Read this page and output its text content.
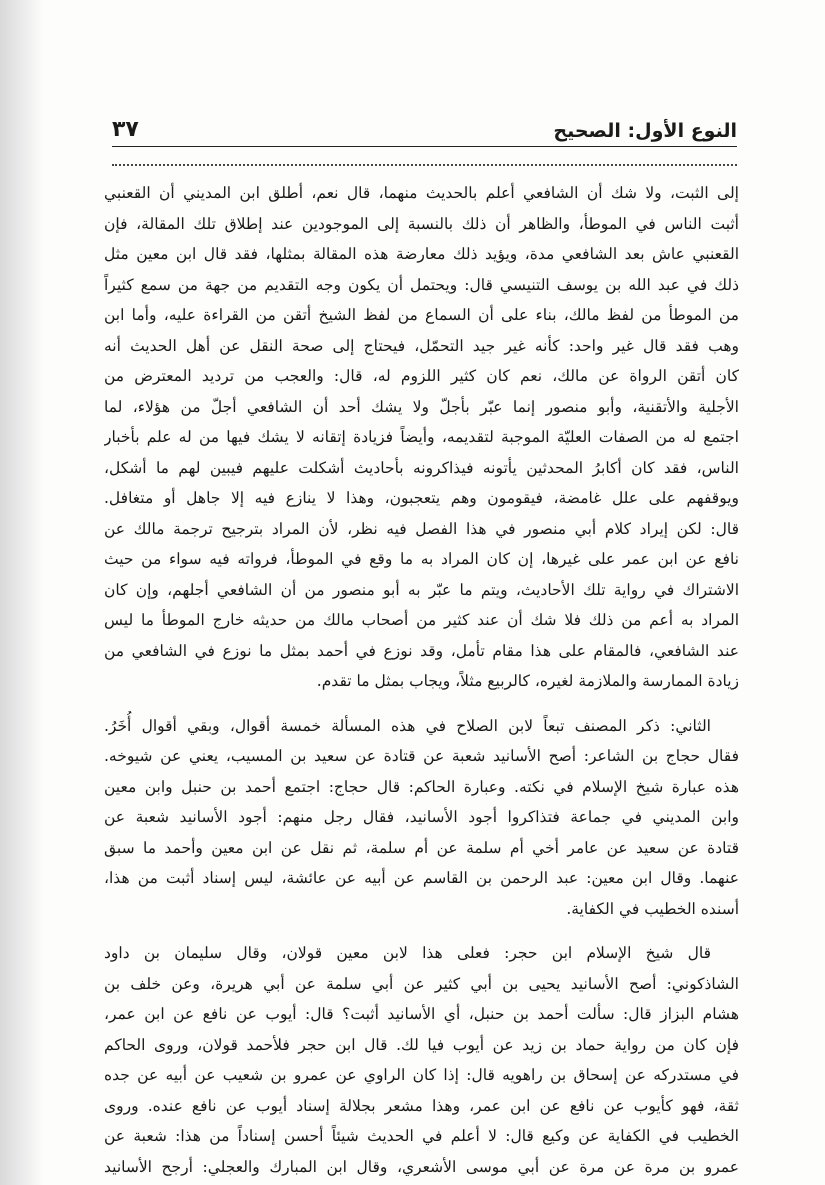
النوع الأول: الصحيح
٣٧
إلى الثبت، ولا شك أن الشافعي أعلم بالحديث منهما، قال نعم، أطلق ابن المديني أن القعنبي
أثبت الناس في الموطأ، والظاهر أن ذلك بالنسبة إلى الموجودين عند إطلاق تلك المقالة، فإن
القعنبي عاش بعد الشافعي مدة، ويؤيد ذلك معارضة هذه المقالة بمثلها، فقد قال ابن معين مثل
ذلك في عبد الله بن يوسف التنيسي قال: ويحتمل أن يكون وجه التقديم من جهة من سمع كثيراً
من الموطأ من لفظ مالك، بناء على أن السماع من لفظ الشيخ أتقن من القراءة عليه، وأما ابن
وهب فقد قال غير واحد: كأنه غير جيد التحمّل، فيحتاج إلى صحة النقل عن أهل الحديث أنه
كان أتقن الرواة عن مالك، نعم كان كثير اللزوم له، قال: والعجب من ترديد المعترض من
الأجلية والأتقنية، وأبو منصور إنما عبّر بأجلّ ولا يشك أحد أن الشافعي أجلّ من هؤلاء، لما
اجتمع له من الصفات العليّة الموجبة لتقديمه، وأيضاً فزيادة إتقانه لا يشك فيها من له علم بأخبار
الناس، فقد كان أكابرُ المحدثين يأتونه فيذاكرونه بأحاديث أشكلت عليهم فيبين لهم ما أشكل،
ويوقفهم على علل غامضة، فيقومون وهم يتعجبون، وهذا لا ينازع فيه إلا جاهل أو متغافل.
قال: لكن إيراد كلام أبي منصور في هذا الفصل فيه نظر، لأن المراد بترجيح ترجمة مالك عن
نافع عن ابن عمر على غيرها، إن كان المراد به ما وقع في الموطأ، فرواته فيه سواء من حيث
الاشتراك في رواية تلك الأحاديث، ويتم ما عبّر به أبو منصور من أن الشافعي أجلهم، وإن كان
المراد به أعم من ذلك فلا شك أن عند كثير من أصحاب مالك من حديثه خارج الموطأ ما ليس
عند الشافعي، فالمقام على هذا مقام تأمل، وقد نوزع في أحمد بمثل ما نوزع في الشافعي من
زيادة الممارسة والملازمة لغيره، كالربيع مثلاً، ويجاب بمثل ما تقدم.
الثاني: ذكر المصنف تبعاً لابن الصلاح في هذه المسألة خمسة أقوال، وبقي أقوال أُخَرُ.
فقال حجاج بن الشاعر: أصح الأسانيد شعبة عن قتادة عن سعيد بن المسيب، يعني عن شيوخه.
هذه عبارة شيخ الإسلام في نكته. وعبارة الحاكم: قال حجاج: اجتمع أحمد بن حنبل وابن معين
وابن المديني في جماعة فتذاكروا أجود الأسانيد، فقال رجل منهم: أجود الأسانيد شعبة عن
قتادة عن سعيد عن عامر أخي أم سلمة عن أم سلمة، ثم نقل عن ابن معين وأحمد ما سبق
عنهما. وقال ابن معين: عبد الرحمن بن القاسم عن أبيه عن عائشة، ليس إسناد أثبت من هذا،
أسنده الخطيب في الكفاية.
قال شيخ الإسلام ابن حجر: فعلى هذا لابن معين قولان، وقال سليمان بن داود
الشاذكوني: أصح الأسانيد يحيى بن أبي كثير عن أبي سلمة عن أبي هريرة، وعن خلف بن
هشام البزاز قال: سألت أحمد بن حنبل، أي الأسانيد أثبت؟ قال: أيوب عن نافع عن ابن عمر،
فإن كان من رواية حماد بن زيد عن أيوب فيا لك. قال ابن حجر فلأحمد قولان، وروى الحاكم
في مستدركه عن إسحاق بن راهويه قال: إذا كان الراوي عن عمرو بن شعيب عن أبيه عن جده
ثقة، فهو كأيوب عن نافع عن ابن عمر، وهذا مشعر بجلالة إسناد أيوب عن نافع عنده. وروى
الخطيب في الكفاية عن وكيع قال: لا أعلم في الحديث شيئاً أحسن إسناداً من هذا: شعبة عن
عمرو بن مرة عن مرة عن أبي موسى الأشعري، وقال ابن المبارك والعجلي: أرجح الأسانيد
